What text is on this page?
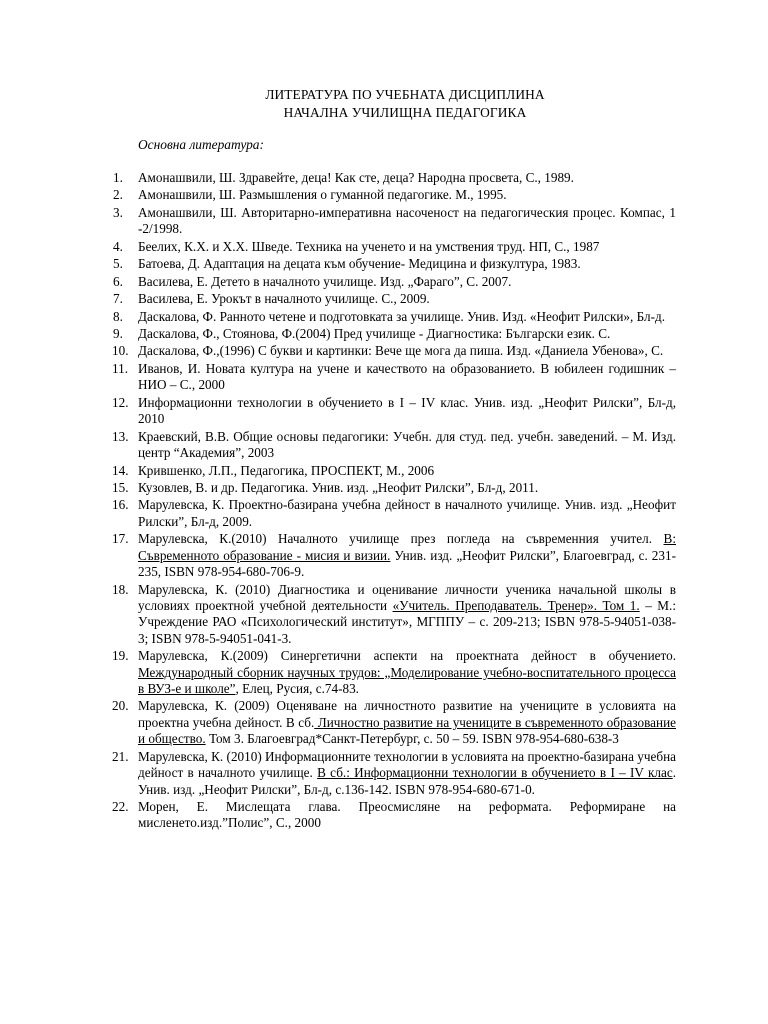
ЛИТЕРАТУРА ПО УЧЕБНАТА ДИСЦИПЛИНА
НАЧАЛНА УЧИЛИЩНА ПЕДАГОГИКА
Основна литература:
1.	Амонашвили, Ш. Здравейте, деца! Как сте, деца? Народна просвета, С., 1989.
2.	Амонашвили, Ш. Размышления о гуманной педагогике. М., 1995.
3.	Амонашвили, Ш. Авторитарно-императивна насоченост на педагогическия процес. Компас, 1 -2/1998.
4.	Беелих, К.Х. и Х.Х. Шведе. Техника на ученето и на умствения труд. НП, С., 1987
5.	Батоева, Д. Адаптация на децата към обучение- Медицина и физкултура, 1983.
6.	Василева, Е. Детето в началното училище. Изд. „Фараго”, С. 2007.
7.	Василева, Е. Урокът в началното училище. С., 2009.
8.	Даскалова, Ф. Ранното четене и подготовката за училище. Унив. Изд. «Неофит Рилски», Бл-д.
9.	Даскалова, Ф., Стоянова, Ф.(2004) Пред училище - Диагностика: Български език. С.
10. Даскалова, Ф.,(1996) С букви и картинки: Вече ще мога да пиша. Изд. «Даниела Убенова», С.
11. Иванов, И. Новата култура на учене и качеството на образованието. В юбилеен годишник – НИО – С., 2000
12. Информационни технологии в обучението в І – ІV клас. Унив. изд. „Неофит Рилски”, Бл-д, 2010
13. Краевский, В.В. Общие основы педагогики: Учебн. для студ. пед. учебн. заведений. – М. Изд. центр “Академия”, 2003
14. Крившенко, Л.П., Педагогика, ПРОСПЕКТ, М., 2006
15. Кузовлев, В. и др. Педагогика. Унив. изд. „Неофит Рилски”, Бл-д, 2011.
16. Марулевска, К. Проектно-базирана учебна дейност в началното училище. Унив. изд. „Неофит Рилски”, Бл-д, 2009.
17. Марулевска, К.(2010) Началното училище през погледа на съвременния учител. В: Съвременното образование - мисия и визии. Унив. изд. „Неофит Рилски”, Благоевград, с. 231-235, ISBN 978-954-680-706-9.
18. Марулевска, К. (2010) Диагностика и оценивание личности ученика начальной школы в условиях проектной учебной деятельности «Учитель. Преподаватель. Тренер». Том 1. – М.: Учреждение РАО «Психологический институт», МГППУ – с. 209-213; ISBN 978-5-94051-038-3; ISBN 978-5-94051-041-3.
19. Марулевска, К.(2009) Синергетични аспекти на проектната дейност в обучението. Международный сборник научных трудов: „Моделирование учебно-воспитательного процесса в ВУЗ-е и школе”, Елец, Русия, с.74-83.
20. Марулевска, К. (2009) Оценяване на личностното развитие на учениците в условията на проектна учебна дейност. В сб. Личностно развитие на учениците в съвременното образование и общество. Том 3. Благоевград*Санкт-Петербург, с. 50 – 59. ISBN 978-954-680-638-3
21. Марулевска, К. (2010) Информационните технологии в условията на проектно-базирана учебна дейност в началното училище. В сб.: Информационни технологии в обучението в І – ІV клас. Унив. изд. „Неофит Рилски”, Бл-д, с.136-142. ISBN 978-954-680-671-0.
22. Морен, Е. Мислещата глава. Преосмисляне на реформата. Реформиране на мисленето.изд.”Полис”, С., 2000
